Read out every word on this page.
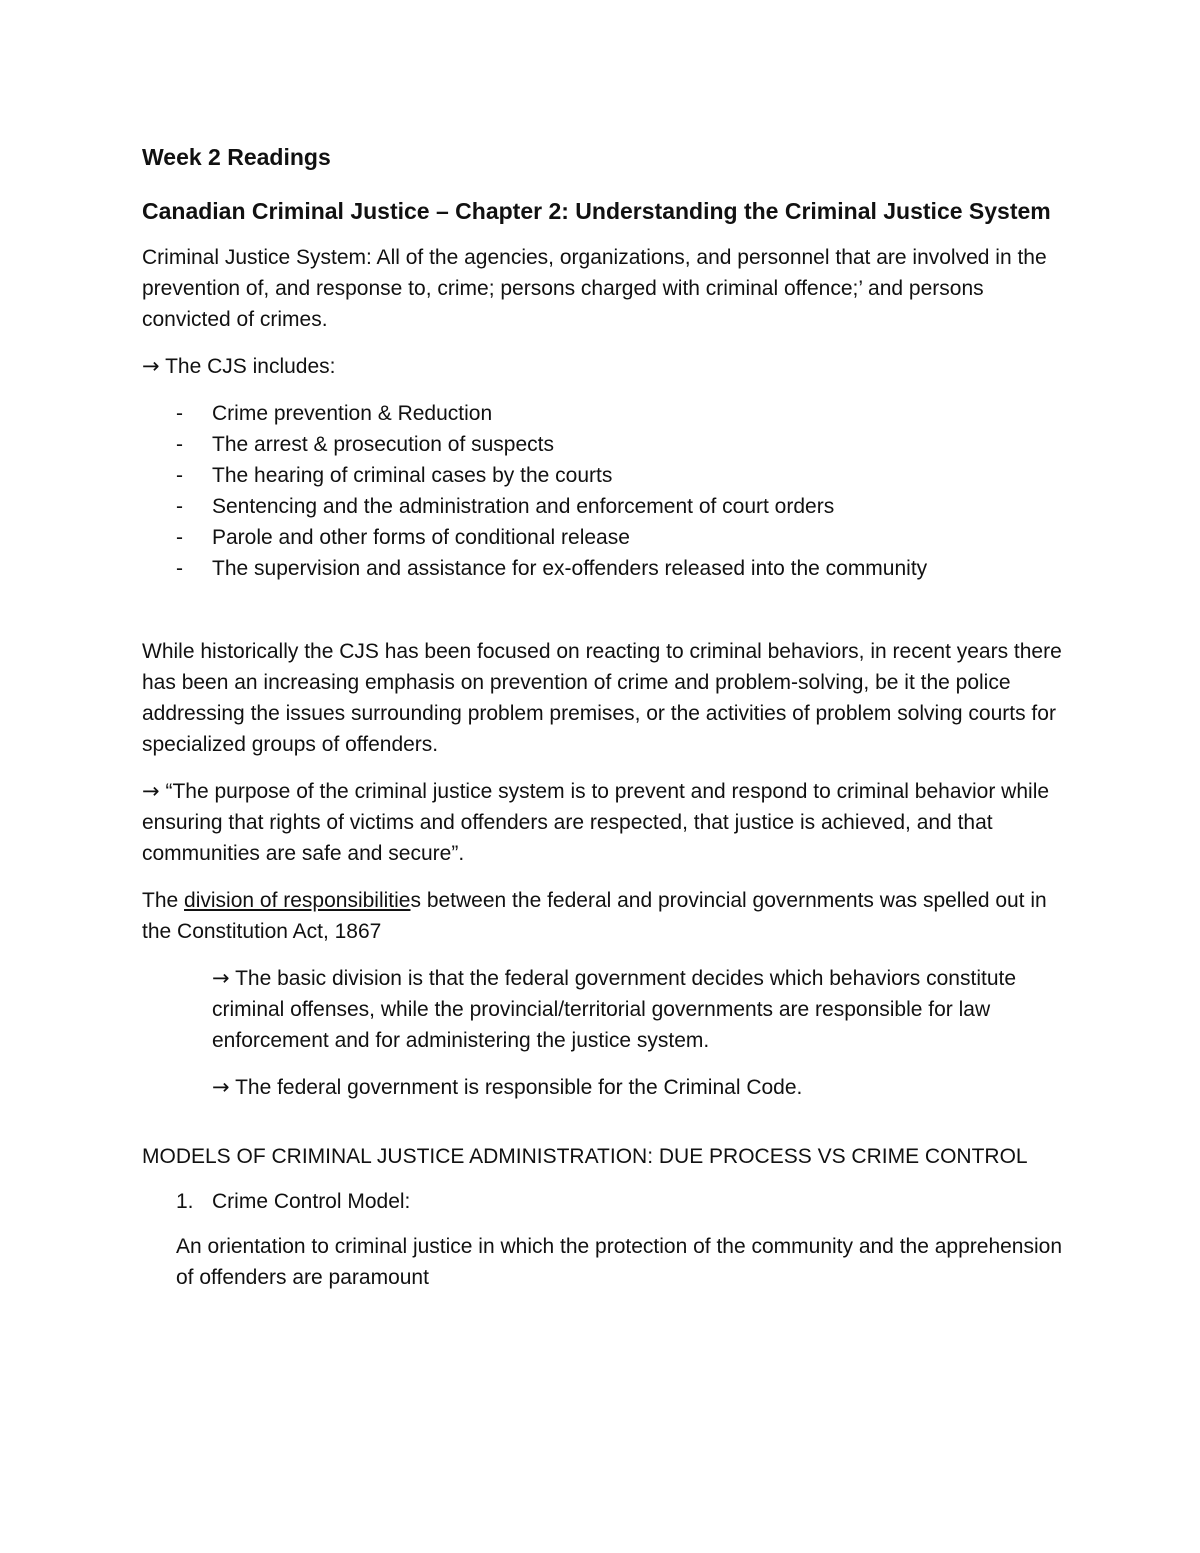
Week 2 Readings
Canadian Criminal Justice – Chapter 2: Understanding the Criminal Justice System

Criminal Justice System: All of the agencies, organizations, and personnel that are involved in the prevention of, and response to, crime; persons charged with criminal offence;’ and persons convicted of crimes.

→ The CJS includes:

- Crime prevention & Reduction
- The arrest & prosecution of suspects
- The hearing of criminal cases by the courts
- Sentencing and the administration and enforcement of court orders
- Parole and other forms of conditional release
- The supervision and assistance for ex-offenders released into the community

While historically the CJS has been focused on reacting to criminal behaviors, in recent years there has been an increasing emphasis on prevention of crime and problem-solving, be it the police addressing the issues surrounding problem premises, or the activities of problem solving courts for specialized groups of offenders.

→ “The purpose of the criminal justice system is to prevent and respond to criminal behavior while ensuring that rights of victims and offenders are respected, that justice is achieved, and that communities are safe and secure”.

The division of responsibilities between the federal and provincial governments was spelled out in the Constitution Act, 1867

→ The basic division is that the federal government decides which behaviors constitute criminal offenses, while the provincial/territorial governments are responsible for law enforcement and for administering the justice system.

→ The federal government is responsible for the Criminal Code.

MODELS OF CRIMINAL JUSTICE ADMINISTRATION: DUE PROCESS VS CRIME CONTROL

1. Crime Control Model:

An orientation to criminal justice in which the protection of the community and the apprehension of offenders are paramount
